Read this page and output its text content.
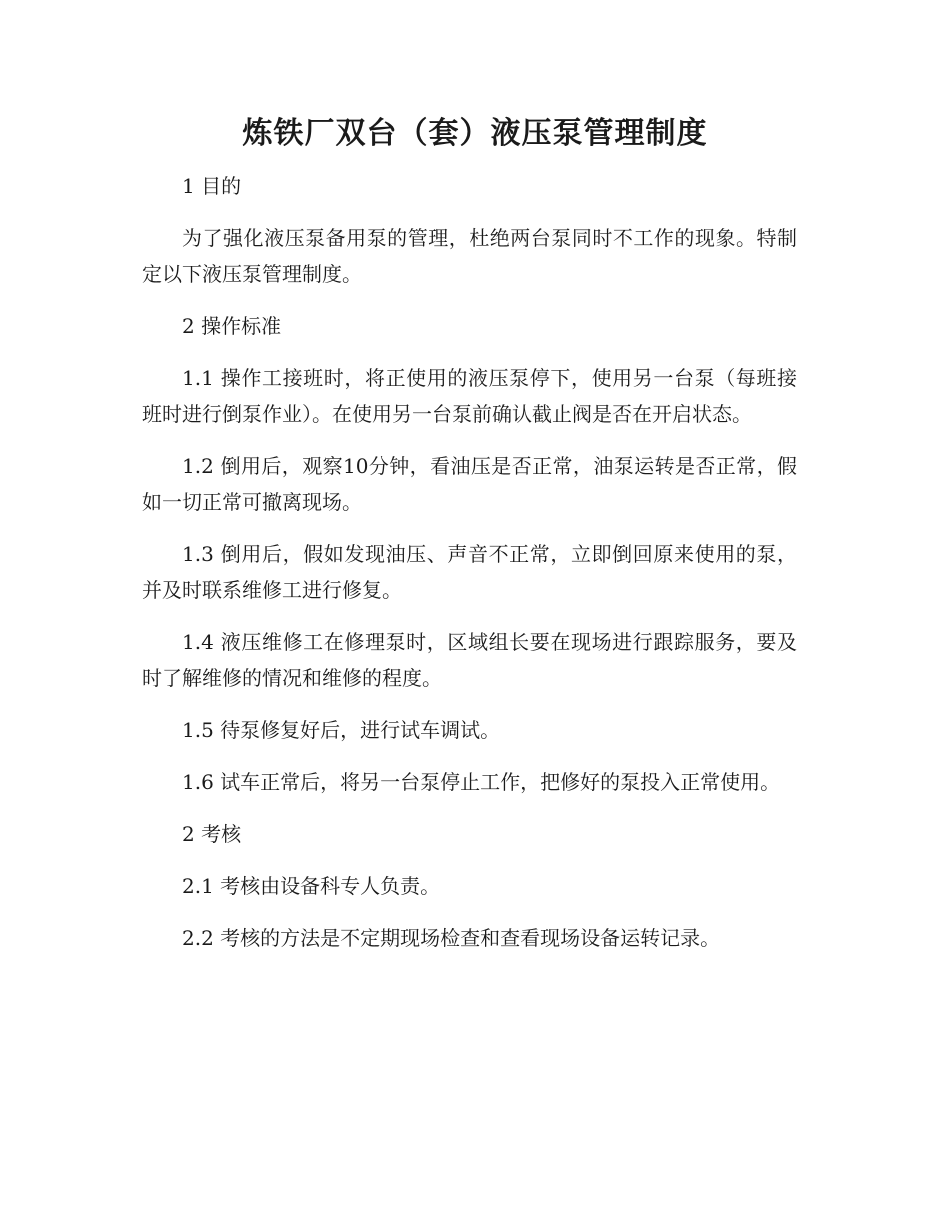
炼铁厂双台（套）液压泵管理制度

1 目的

为了强化液压泵备用泵的管理，杜绝两台泵同时不工作的现象。特制定以下液压泵管理制度。

2 操作标准

1.1 操作工接班时，将正使用的液压泵停下，使用另一台泵（每班接班时进行倒泵作业）。在使用另一台泵前确认截止阀是否在开启状态。

1.2 倒用后，观察10分钟，看油压是否正常，油泵运转是否正常，假如一切正常可撤离现场。

1.3 倒用后，假如发现油压、声音不正常，立即倒回原来使用的泵，并及时联系维修工进行修复。

1.4 液压维修工在修理泵时，区域组长要在现场进行跟踪服务，要及时了解维修的情况和维修的程度。

1.5 待泵修复好后，进行试车调试。

1.6 试车正常后，将另一台泵停止工作，把修好的泵投入正常使用。

2 考核

2.1 考核由设备科专人负责。

2.2 考核的方法是不定期现场检查和查看现场设备运转记录。
